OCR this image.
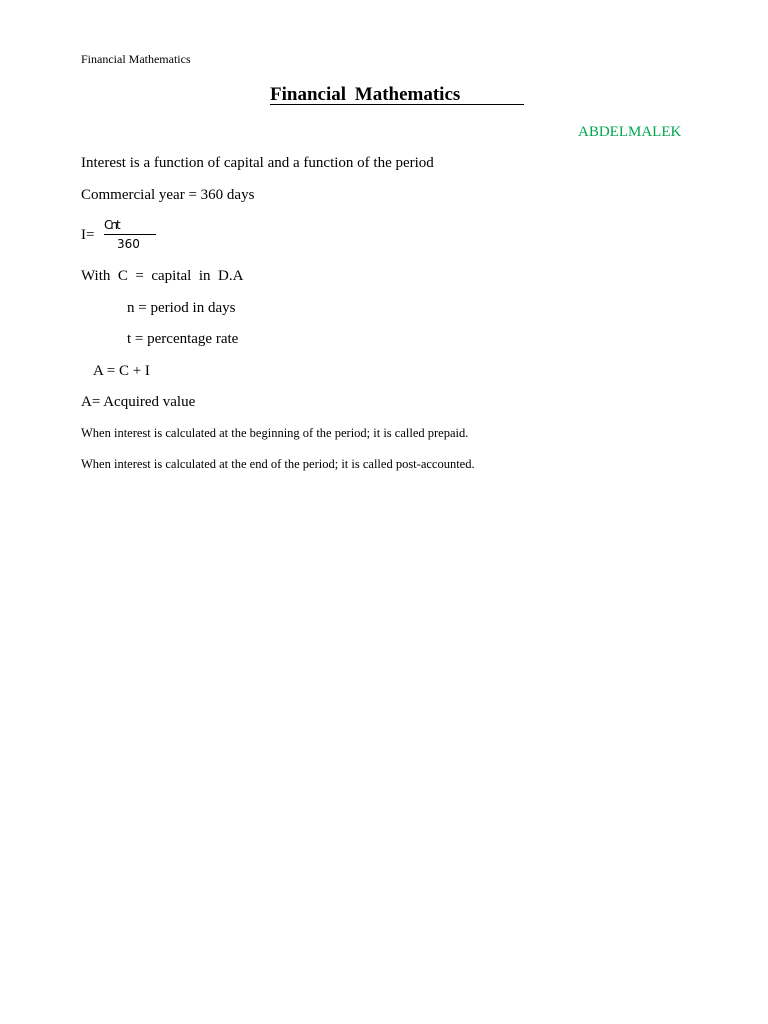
Financial Mathematics
Financial Mathematics
ABDELMALEK
Interest is a function of capital and a function of the period
Commercial year = 360 days
I=
Cnt
360
With  C  =  capital  in  D.A
n = period in days
t = percentage rate
A = C + I
A= Acquired value
When interest is calculated at the beginning of the period; it is called prepaid.
When interest is calculated at the end of the period; it is called post-accounted.
